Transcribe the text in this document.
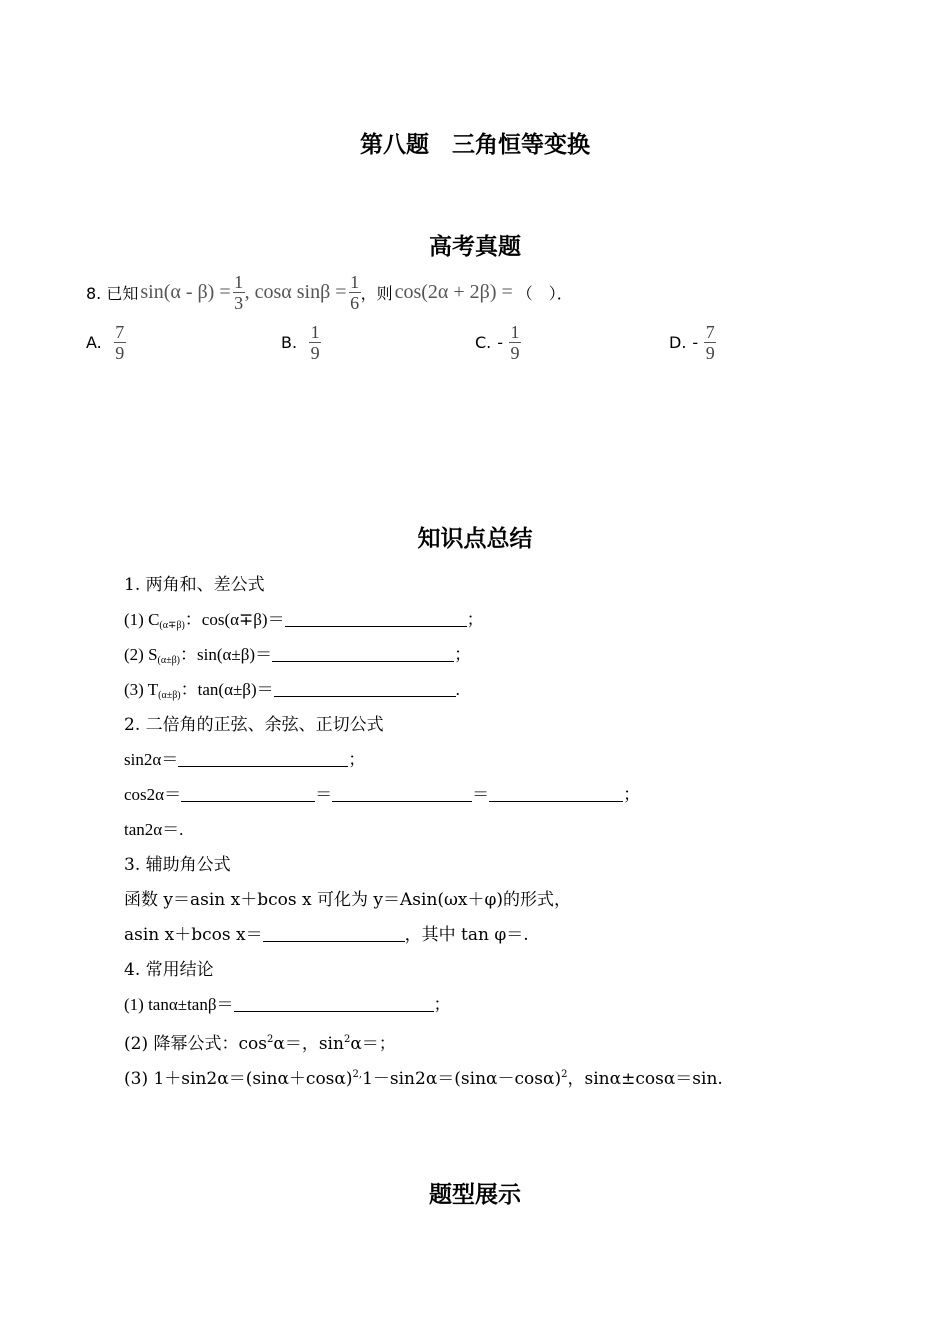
第八题　三角恒等变换
高考真题
8. 已知 $\sin(\alpha - \beta) = \frac{1}{3}$ , cosα $\sin\beta = \frac{1}{6}$ ，则 cos(2α + 2β) = （　）．
A. $\frac{7}{9}$	B. $\frac{1}{9}$	C. - $\frac{1}{9}$	D. - $\frac{7}{9}$
知识点总结
1. 两角和、差公式
(1) $C_{(\alpha\mp\beta)}$：cos(α∓β)＝	；
(2) $S_{(\alpha\pm\beta)}$：sin(α±β)＝	；
(3) $T_{(\alpha\pm\beta)}$：tan(α±β)＝	.
2. 二倍角的正弦、余弦、正切公式
sin2α＝	；
cos2α＝	＝	＝	；
tan2α＝.
3. 辅助角公式
函数 y＝asin x＋bcos x 可化为 y＝Asin(ωx＋φ)的形式，
asin x＋bcos x＝	，其中 tan φ＝.
4. 常用结论
(1) tanα±tanβ＝	；
(2) 降幂公式：$\cos^2\alpha=$，$\sin^2\alpha=$；
(3) $1+\sin 2\alpha=(\sin\alpha+\cos\alpha)^{2,}1-\sin 2\alpha=(\sin\alpha-\cos\alpha)^2$，sinα±cosα＝sin.
题型展示
